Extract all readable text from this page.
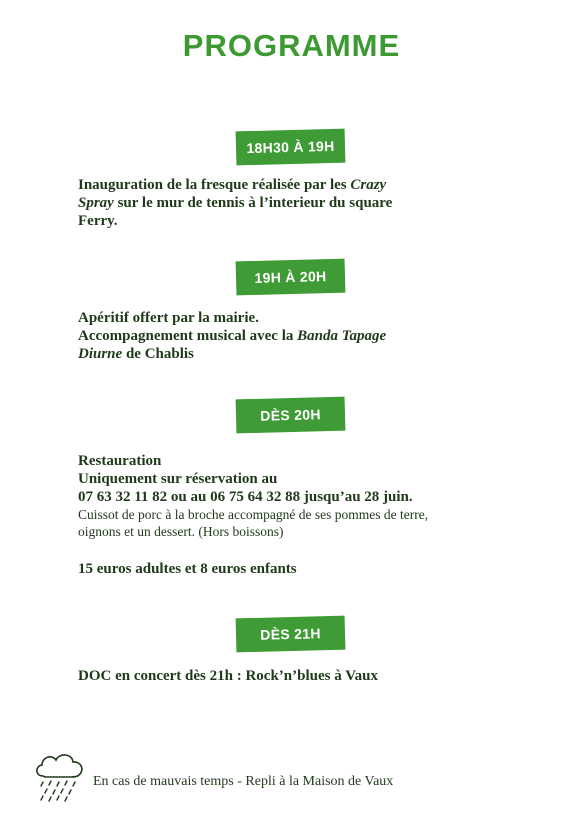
PROGRAMME
18H30 À 19H

Inauguration de la fresque réalisée par les Crazy

Spray sur le mur de tennis à l’interieur du square

Ferry.

19H À 20H

Apéritif offert par la mairie.

Accompagnement musical avec la Banda Tapage

Diurne de Chablis

DÈS 20H

Restauration

Uniquement sur réservation au

07 63 32 11 82 ou au 06 75 64 32 88 jusqu’au 28 juin.

Cuissot de porc à la broche accompagné de ses pommes de terre,

oignons et un dessert. (Hors boissons)

15 euros adultes et 8 euros enfants

DÈS 21H

DOC en concert dès 21h : Rock’n’blues à Vaux

En cas de mauvais temps - Repli à la Maison de Vaux
